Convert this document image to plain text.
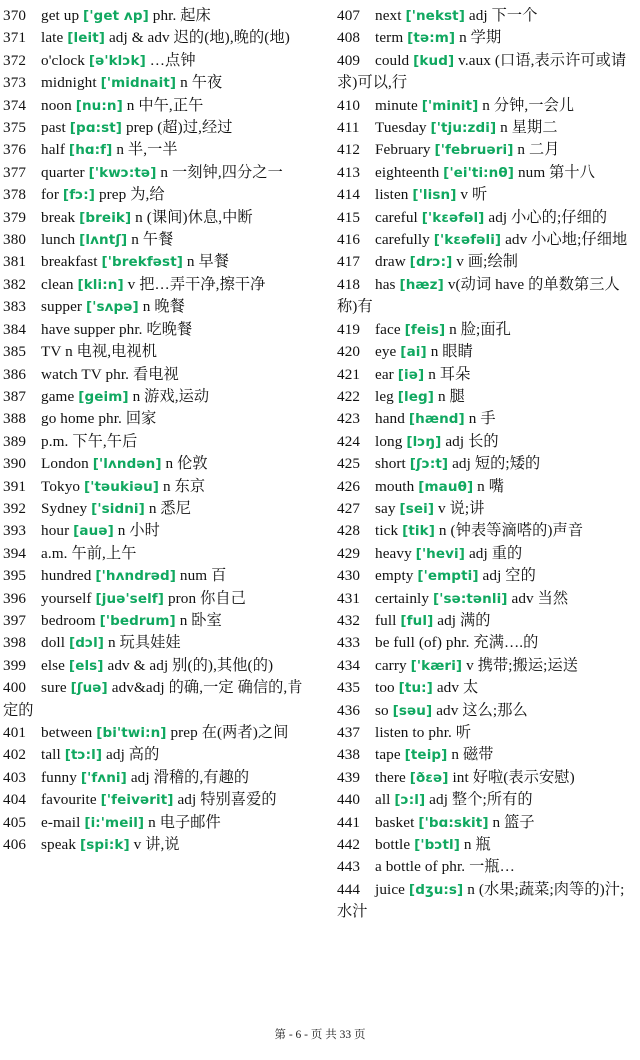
370 get up ['get ʌp] phr. 起床
371 late [leit] adj & adv 迟的(地),晚的(地)
372 o'clock [ə'klɔk] …点钟
373 midnight ['midnait] n 午夜
374 noon [nu:n] n 中午,正午
375 past [pɑ:st] prep (超)过,经过
376 half [hɑ:f] n 半,一半
377 quarter ['kwɔ:tə] n 一刻钟,四分之一
378 for [fɔ:] prep 为,给
379 break [breik] n (课间)休息,中断
380 lunch [lʌntʃ] n 午餐
381 breakfast ['brekfəst] n 早餐
382 clean [kli:n] v 把…弄干净,擦干净
383 supper ['sʌpə] n 晚餐
384 have supper phr. 吃晚餐
385 TV n 电视,电视机
386 watch TV phr. 看电视
387 game [geim] n 游戏,运动
388 go home phr. 回家
389 p.m. 下午,午后
390 London ['lʌndən] n 伦敦
391 Tokyo ['təukiəu] n 东京
392 Sydney ['sidni] n 悉尼
393 hour [auə] n 小时
394 a.m. 午前,上午
395 hundred ['hʌndrəd] num 百
396 yourself [juə'self] pron 你自己
397 bedroom ['bedrum] n 卧室
398 doll [dɔl] n 玩具娃娃
399 else [els] adv & adj 别(的),其他(的)
400 sure [ʃuə] adv&adj 的确,一定 确信的,肯定的
401 between [bi'twi:n] prep 在(两者)之间
402 tall [tɔ:l] adj 高的
403 funny ['fʌni] adj 滑稽的,有趣的
404 favourite ['feivərit] adj 特别喜爱的
405 e-mail [i:'meil] n 电子邮件
406 speak [spi:k] v 讲,说
407 next ['nekst] adj 下一个
408 term [tə:m] n 学期
409 could [kud] v.aux (口语,表示许可或请求)可以,行
410 minute ['minit] n 分钟,一会儿
411 Tuesday ['tju:zdi] n 星期二
412 February ['februəri] n 二月
413 eighteenth ['ei'ti:nθ] num 第十八
414 listen ['lisn] v 听
415 careful ['kεəfəl] adj 小心的;仔细的
416 carefully ['kεəfəli] adv 小心地;仔细地
417 draw [drɔ:] v 画;绘制
418 has [hæz] v(动词 have 的单数第三人称)有
419 face [feis] n 脸;面孔
420 eye [ai] n 眼睛
421 ear [iə] n 耳朵
422 leg [leg] n 腿
423 hand [hænd] n 手
424 long [lɔŋ] adj 长的
425 short [ʃɔ:t] adj 短的;矮的
426 mouth [mauθ] n 嘴
427 say [sei] v 说;讲
428 tick [tik] n (钟表等滴嗒的)声音
429 heavy ['hevi] adj 重的
430 empty ['empti] adj 空的
431 certainly ['sə:tənli] adv 当然
432 full [ful] adj 满的
433 be full (of) phr. 充满….的
434 carry ['kæri] v 携带;搬运;运送
435 too [tu:] adv 太
436 so [səu] adv 这么;那么
437 listen to phr. 听
438 tape [teip] n 磁带
439 there [ðεə] int 好啦(表示安慰)
440 all [ɔ:l] adj 整个;所有的
441 basket ['bɑ:skit] n 篮子
442 bottle ['bɔtl] n 瓶
443 a bottle of phr. 一瓶…
444 juice [dʒu:s] n (水果;蔬菜;肉等的)汁;水汁
第 - 6 - 页 共 33 页
